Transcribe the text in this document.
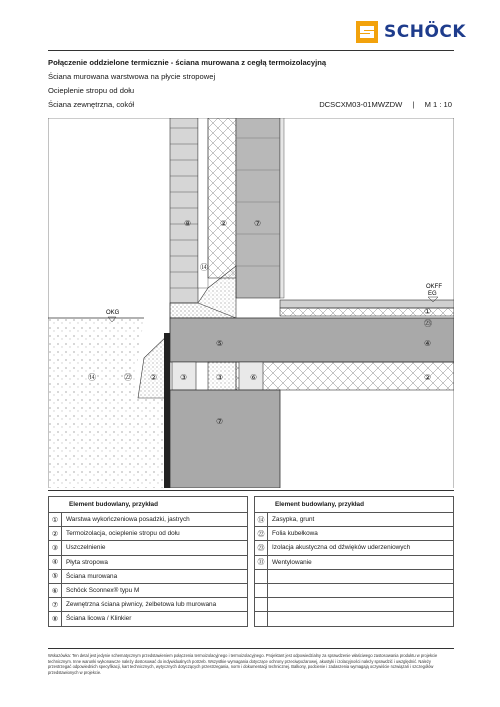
SCHÖCK
Połączenie oddzielone termicznie - ściana murowana z cegłą termoizolacyjną
Ściana murowana warstwowa na płycie stropowej
Ocieplenie stropu od dołu
Ściana zewnętrzna, cokół	DCSCXM03-01MWZDW | M 1 : 10
OKG
OKFF
EG
⑧	②	⑦
⑭
⑤
①
㉓
④
⑭	㉒ ②	③	③	⑥	②
⑦
Element budowlany, przykład	
①	Warstwa wykończeniowa posadzki, jastrych
②	Termoizolacja, ocieplenie stropu od dołu
③	Uszczelnienie
④	Płyta stropowa
⑤	Ściana murowana
⑥	Schöck Sconnex® typu M
⑦	Zewnętrzna ściana piwnicy, żelbetowa lub murowana
⑧	Ściana licowa / Klinkier
Element budowlany, przykład	
⑭	Zasypka, grunt
㉒	Folia kubełkowa
㉓	Izolacja akustyczna od dźwięków uderzeniowych
㉛	Wentylowanie

Wskazówka: Ten detal jest jedynie schematycznym przedstawieniem połączenia termoizolacyjnego i termoizolacyjnego. Projektant jest odpowiedzialny za sprawdzenie właściwego zastosowania produktu w projekcie technicznym. Inne warunki wykonawcze należy dostosować do indywidualnych potrzeb. Wszystkie wymagania dotyczące ochrony przeciwpożarowej, akustyki i izolacyjności należy sprawdzić i uwzględnić. Należy przestrzegać odpowiednich specyfikacji, kart technicznych, wytycznych dotyczących przestrzegania, norm i dokumentacji technicznej. Balkony, podcienie i zadaszenia wymagają oczywiście rozwiązań i szczegółów przedstawionych w projekcie.
